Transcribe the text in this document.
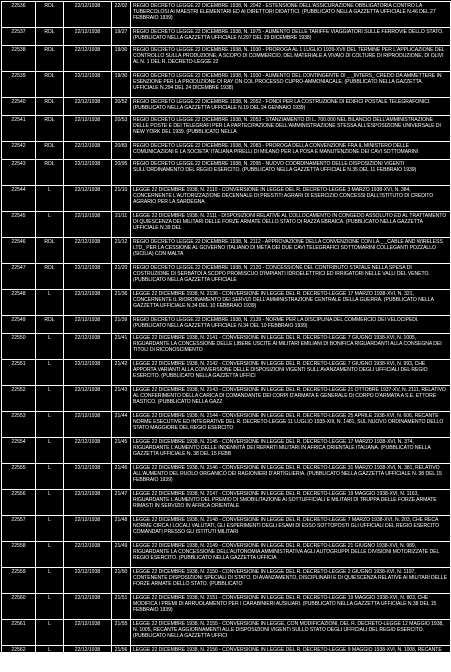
22536	RDL	22/12/1938	22/02	REGIO DECRETO LEGGE 22 DICEMBRE 1938, N. 2042 - ESTENSIONE DELL'ASSICURAZIONE OBBLIGATORIA CONTRO LA TUBERCOLOSI AI MAESTRI ELEMENTARI ED AI DIRETTORI DIDATTICI. (PUBBLICATO NELLA GAZZETTA UFFICIALE N.46 DEL 27 FEBBRAIO 1939)
22537	RDL	22/12/1938	19/27	REGIO DECRETO LEGGE 22 DICEMBRE 1938, N. 1975 - AUMENTO DELLE TARIFFE VIAGGIATORI SULLE FERROVIE DELLO STATO. (PUBBLICATO NELLA GAZZETTA UFFICIALE N.297 DEL 29 DICEMBRE 1938)
22538	RDL	22/12/1938	19/30	REGIO DECRETO LEGGE 22 DICEMBRE 1938, N. 1930 - PROROGA AL 1 LUGLIO 1939-XVII DEL TERMINE PER L'APPLICAZIONE DEL CONTROLLO SULLA PRODUZIONE, A SCOPO DI COMMERCIO, DEL MATERIALE A VIVAIO DI COLTURE DI RIPRODUZIONE, DI OLIVI AL N. 1 DEL R. DECRETO-LEGGE 22
22539	RDL	22/12/1938	19/30	REGIO DECRETO LEGGE 22 DICEMBRE 1938, N. 1930 - AUMENTO DEL CONTINGENTE DI _ _INTERS_ CREDO DA AMMETTERE IN ESENZIONE PER LA PRODUZIONE DI RAY ON COL PROCESSO CUPRO-AMMONIACALE. (PUBBLICATO NELLA GAZZETTA UFFICIALE N.294 DEL 24 DICEMBRE 1938)
22540	RDL	22/12/1938	20/52	REGIO DECRETO LEGGE 22 DICEMBRE 1938, N. 2052 - FONDI PER LA COSTRUZIONE DI EDIFICI POSTALE TELEGRAFONICI. (PUBBLICATO NELLA GAZZETTA UFFICIALE N.19 DEL 24 GENNAIO 1939)
22541	RDL	22/12/1938	20/53	REGIO DECRETO LEGGE 22 DICEMBRE 1938, N. 2053 - STANZIAMENTO DI L. 700.000 NEL BILANCIO DELL'AMMINISTRAZIONE DELLE POSTE E DEI TELEGRAFI PER LA PARTECIPAZIONE DELL'AMMINISTRAZIONE STESSA ALL'ESPOSIZIONE UNIVERSALE DI NEW YORK DEL 1939. (PUBBLICATO NELLA
22542	RDL	22/12/1938	20/83	REGIO DECRETO LEGGE 22 DICEMBRE 1938, N. 2083 - PROROGA DELLA CONVENZIONE FRA IL MINISTERO DELLE COMUNICAZIONI E LA SOCIETA' ITALIANA PIRELLI DI MILANO PER LA POSA E MANUTENZIONE DEI CAVI SOTTOMARINI
22543	RDL	22/12/1938	20/95	REGIO DECRETO LEGGE 22 DICEMBRE 1938, N. 2095 - NUOVO COORDINAMENTO DELLE DISPOSIZIONI VIGENTI SULL'ORDINAMENTO DEL REGIO ESERCITO. (PUBBLICATO NELLA GAZZETTA UFFICIALE N.35 DEL 11 FEBBRAIO 1939)
22544	L	22/12/1938	21/10	LEGGE 22 DICEMBRE 1938, N. 2110 - CONVERSIONE IN LEGGE DEL R. DECRETO-LEGGE 3 MARZO 1938-XVI, N. 384, CONCERNENTE L'AUTORIZZAZIONE DECENNALE DI PRESTITI AGRARI DI ESERCIZIO CONCESSI DALL'ISTITUTO DI CREDITO AGRARIO PER LA SARDEGNA
22545	L	22/12/1938	21/11	LEGGE 22 DICEMBRE 1938, N. 2111 - DISPOSIZIONI RELATIVE AL COLLOCAMENTO IN CONGEDO ASSOLUTO ED AL TRATTAMENTO DI QUIESCENZA DEI MILITARI DELLE FORZE ARMATE DELLO STATO DI RAZZA EBRAICA. (PUBBLICATO NELLA GAZZETTA UFFICIALE N.39 DEL
22546	RDL	22/12/1938	21/12	REGIO DECRETO LEGGE 22 DICEMBRE 1938, N. 2112 - APPROVAZIONE DELLA CONVENZIONE CON LA _ _CABLE AND WIRELESS LTD_ PER LA CESSIONE AL GOVERNO ITALIANO DI METÀ DEI DUE CAVI TELEGRAFICI SOTTOMARINI COLLEGANTI POZZALLO (SICILIA) CON MALTA
22547	RDL	22/12/1938	21/20	REGIO DECRETO LEGGE 22 DICEMBRE 1938, N. 2120 - CONCESSIONE DEL CONTRIBUTO STATALE NELLA SPESA DI COSTRUZIONE DI SERBATOI A SCOPO PROMISCUO D'IMPIANTI IDROELETTRICI ED IRRIGATORI NELLE VALLI DEL VENETO. (PUBBLICATO NELLA GAZZETTA UFFICIALE
22548	L	22/12/1938	21/36	LEGGE 22 DICEMBRE 1938, N. 2136 - CONVERSIONE IN LEGGE DEL R. DECRETO-LEGGE 17 MARZO 1938-XVI, N. 321, CONCERNENTE IL RIORDINAMENTO DEI SERVIZI DELL'AMMINISTRAZIONE CENTRALE DELLA GUERRA. (PUBBLICATO NELLA GAZZETTA UFFICIALE N.34 DEL 10 FEBBRAIO 1939)
22549	RDL	22/12/1938	21/39	REGIO DECRETO LEGGE 22 DICEMBRE 1938, N. 2139 - NORME PER LA DISCIPLINA DEL COMMERCIO DEI VELOCIPEDI. (PUBBLICATO NELLA GAZZETTA UFFICIALE N.34 DEL 10 FEBBRAIO 1939)
22550	L	22/12/1938	21/41	LEGGE 22 DICEMBRE 1938, N. 2141 - CONVERSIONE IN LEGGE DEL R. DECRETO-LEGGE 7 GIUGNO 1938-XVI, N. 1005, RIGUARDANTE LA CONCESSIONE DELLE LIBERE USCITE AI MILITARI EMILIANI DI BONIFICA RIGUARDANTI ALLA CONSEGNA DEI TITOLI DI RICONOSCIMENTO
22551	L	22/12/1938	21/42	LEGGE 22 DICEMBRE 1938, N. 2142 - CONVERSIONE IN LEGGE DEL R. DECRETO-LEGGE 7 GIUGNO 1938-XVI, N. 993, CHE APPORTA VARIANTI ALLA CONVERSIONE DELLE DISPOSIZIONI VIGENTI SULL'AVANZAMENTO DEGLI UFFICIALI DEL REGIO ESERCITO. (PUBBLICATO NELLA GAZZETTA UFFICI
22552	L	22/12/1938	21/43	LEGGE 22 DICEMBRE 1938, N. 2143 - CONVERSIONE IN LEGGE DEL R. DECRETO-LEGGE 21 OTTOBRE 1937-XV, N. 2111, RELATIVO AL CONFERIMENTO DELLA CARICA DI COMANDANTE DEI CORPI D'ARMATA E GENERALE DI CORPO D'ARMATA A S.E. ETTORE BASTICO. (PUBBLICATO NELLA GAZZ
22553	L	22/12/1938	21/44	LEGGE 22 DICEMBRE 1938, N. 2144 - CONVERSIONE IN LEGGE DEL R. DECRETO-LEGGE 25 APRILE 1938-XVI, N. 606, RECANTE NORME ESECUTIVE ED INTEGRATIVE DEL R. DECRETO-LEGGE 11 LUGLIO 1935-XIII, N. 1481, SUL NUOVO ORDINAMENTO DELLO STATO MAGGIORE DEL REGIO ESERCITO
22554	L	22/12/1938	21/45	LEGGE 22 DICEMBRE 1938, N. 2145 - CONVERSIONE IN LEGGE DEL R. DECRETO-LEGGE 17 MARZO 1938-XVI, N. 374, RIGUARDANTE L'AUMENTO DELLE INDENNITÀ DEI REPARTI MILITARI IN AFRICA ORIENTALE ITALIANA. (PUBBLICATO NELLA GAZZETTA UFFICIALE N. 38 DEL 15 FEBB
22555	L	22/12/1938	21/46	LEGGE 22 DICEMBRE 1938, N. 2146 - CONVERSIONE IN LEGGE DEL R. DECRETO-LEGGE 31 MARZO 1938-XVI, N. 381, RELATIVO ALL'AUMENTO DEL RUOLO ORGANICO DEI RAGIONIERI D'ARTIGLIERIA. (PUBBLICATO NELLA GAZZETTA UFFICIALE N. 38 DEL 15 FEBBRAIO 1939)
22556	L	22/12/1938	21/47	LEGGE 22 DICEMBRE 1938, N. 2147 - CONVERSIONE IN LEGGE DEL R. DECRETO-LEGGE 19 MAGGIO 1938-XVI, N. 1163, RIGUARDANTE L'AUMENTO DEL PREMIO DI SMOBILITAZIONE AI SOTTUFFICIALI E MILITARI DI TRUPPA DELLE FORZE ARMATE RIMASTI IN SERVIZIO IN AFRICA ORIENTALE
22557	L	22/12/1938	21/48	LEGGE 22 DICEMBRE 1938, N. 2148 - CONVERSIONE IN LEGGE DEL R. DECRETO-LEGGE 7 MARZO 1938-XVI, N. 203, CHE RECA NORME CIRCA I LOCALI VALUTATI, GLI ESPERIMENTI DEGLI ESAMI DI ESSO SOTTOPOSTI GLI UFFICIALI DEL REGIO ESERCITO COMANDATI PRESSO GLI ISTITUTI MILITARI
22558	L	22/12/1938	21/49	LEGGE 22 DICEMBRE 1938, N. 2149 - CONVERSIONE IN LEGGE DEL R. DECRETO-LEGGE 21 GIUGNO 1938-XVI, N. 989, RIGUARDANTE LA CONCESSIONE DELL'AUTONOMIA AMMINISTRATIVA AGLI AUTOGRUPPI DELLE DIVISIONI MOTORIZZATE DEL REGIO ESERCITO. (PUBBLICATO NELLA GAZZETTA UFFICIA
22559	L	22/12/1938	21/50	LEGGE 22 DICEMBRE 1938, N. 2150 - CONVERSIONE IN LEGGE DEL R. DECRETO-LEGGE 2 GIUGNO 1938-XVI, N. 1197, CONTENENTE DISPOSIZIONI SPECIALI DI STATO, DI AVANZAMENTO, DISCIPLINARI E DI QUIESCENZA RELATIVE AI MILITARI DELLE FORZE ARMATE DELLO STATO. (PUBBLICATO
22560	L	22/12/1938	21/51	LEGGE 22 DICEMBRE 1938, N. 2151 - CONVERSIONE IN LEGGE DEL R. DECRETO-LEGGE 19 MAGGIO 1938-XVI, N. 803, CHE MODIFICA I PREMI DI ARRUOLAMENTO PER I CARABINIERI AUSILIARI. (PUBBLICATO NELLA GAZZETTA UFFICIALE N.38 DEL 15 FEBBRAIO 1939)
22561	L	22/12/1938	21/55	LEGGE 22 DICEMBRE 1938, N. 2155 - CONVERSIONE IN LEGGE, CON MODIFICAZIONI, DEL R. DECRETO-LEGGE 12 MAGGIO 1938, N. 1005, RECANTE AGGIORNAMENTI ALLE DISPOSIZIONI VIGENTI SULLO STATO DEGLI UFFICIALI DEL REGIO ESERCITO. (PUBBLICATO NELLA GAZZETTA UFFICI
22562	L	22/12/1938	21/56	LEGGE 22 DICEMBRE 1938, N. 2156 - CONVERSIONE IN LEGGE DEL R. DECRETO-LEGGE 9 MAGGIO 1938-XVI, N. 1008, RECANTE AGGIORNAMENTI ALLE DISPOSIZIONI VIGENTI SULL'AVANZAMENTO DEGLI UFFICIALI DEL REGIO ESERCITO. (PUBBLICATO NELLA GAZZETTA UFFICIALE N.40 DEL 17
